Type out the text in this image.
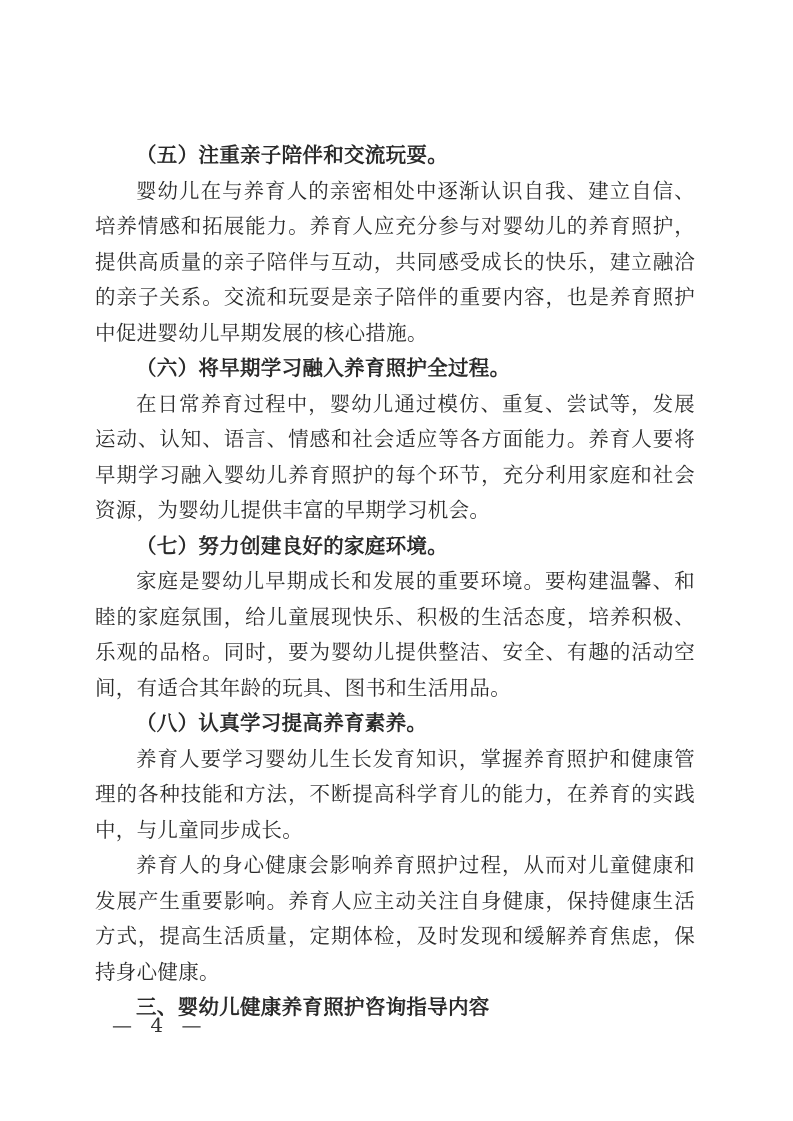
（五）注重亲子陪伴和交流玩耍。

婴幼儿在与养育人的亲密相处中逐渐认识自我、建立自信、培养情感和拓展能力。养育人应充分参与对婴幼儿的养育照护，提供高质量的亲子陪伴与互动，共同感受成长的快乐，建立融洽的亲子关系。交流和玩耍是亲子陪伴的重要内容，也是养育照护中促进婴幼儿早期发展的核心措施。

（六）将早期学习融入养育照护全过程。

在日常养育过程中，婴幼儿通过模仿、重复、尝试等，发展运动、认知、语言、情感和社会适应等各方面能力。养育人要将早期学习融入婴幼儿养育照护的每个环节，充分利用家庭和社会资源，为婴幼儿提供丰富的早期学习机会。

（七）努力创建良好的家庭环境。

家庭是婴幼儿早期成长和发展的重要环境。要构建温馨、和睦的家庭氛围，给儿童展现快乐、积极的生活态度，培养积极、乐观的品格。同时，要为婴幼儿提供整洁、安全、有趣的活动空间，有适合其年龄的玩具、图书和生活用品。

（八）认真学习提高养育素养。

养育人要学习婴幼儿生长发育知识，掌握养育照护和健康管理的各种技能和方法，不断提高科学育儿的能力，在养育的实践中，与儿童同步成长。

养育人的身心健康会影响养育照护过程，从而对儿童健康和发展产生重要影响。养育人应主动关注自身健康，保持健康生活方式，提高生活质量，定期体检，及时发现和缓解养育焦虑，保持身心健康。

三、婴幼儿健康养育照护咨询指导内容

— 4 —
